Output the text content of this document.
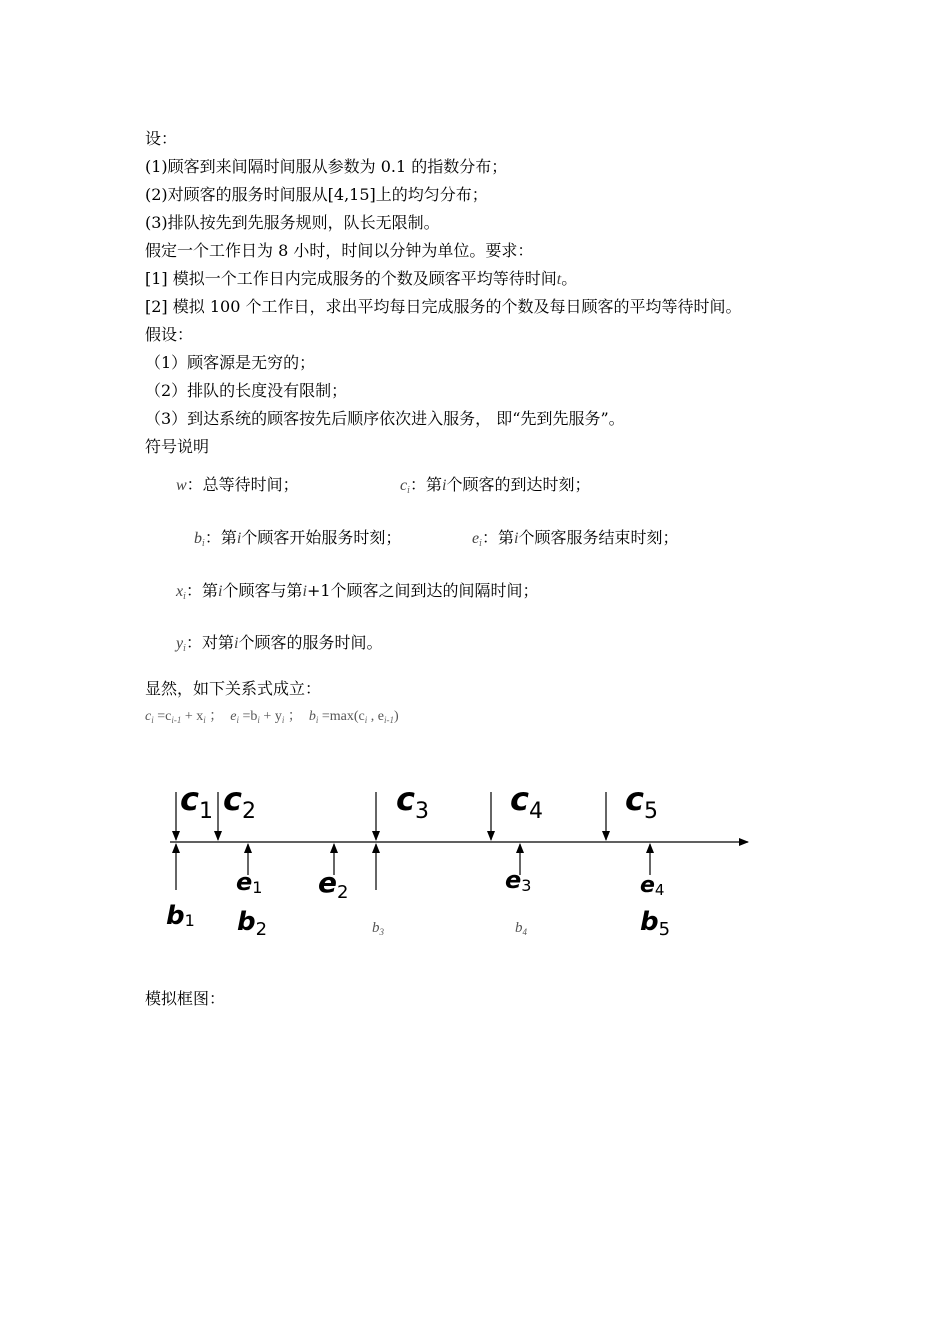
设：
(1)顾客到来间隔时间服从参数为 0.1 的指数分布；
(2)对顾客的服务时间服从[4,15]上的均匀分布；
(3)排队按先到先服务规则，队长无限制。
假定一个工作日为 8 小时，时间以分钟为单位。要求：
[1] 模拟一个工作日内完成服务的个数及顾客平均等待时间t。
[2] 模拟 100 个工作日，求出平均每日完成服务的个数及每日顾客的平均等待时间。
假设：
（1）顾客源是无穷的；
（2）排队的长度没有限制；
（3）到达系统的顾客按先后顺序依次进入服务， 即“先到先服务”。
符号说明
w：总等待时间；	$c_i$：第i个顾客的到达时刻；
$b_i$：第i个顾客开始服务时刻；	$e_i$：第i个顾客服务结束时刻；
$x_i$：第i个顾客与第i+1个顾客之间到达的间隔时间；
$y_i$：对第i个顾客的服务时间。
显然，如下关系式成立：
$c_i =c_{i-1} + x_i$ ； $e_i =b_i + y_i$ ； $b_i =\max(c_i$ , $e_{i-1}$)
$c_1$ $c_2$	$c_3$	$c_4$	$c_5$
e1 $e_2$	e3	e4
b1 b2	$b_3$	$b_4$	b5
模拟框图：
